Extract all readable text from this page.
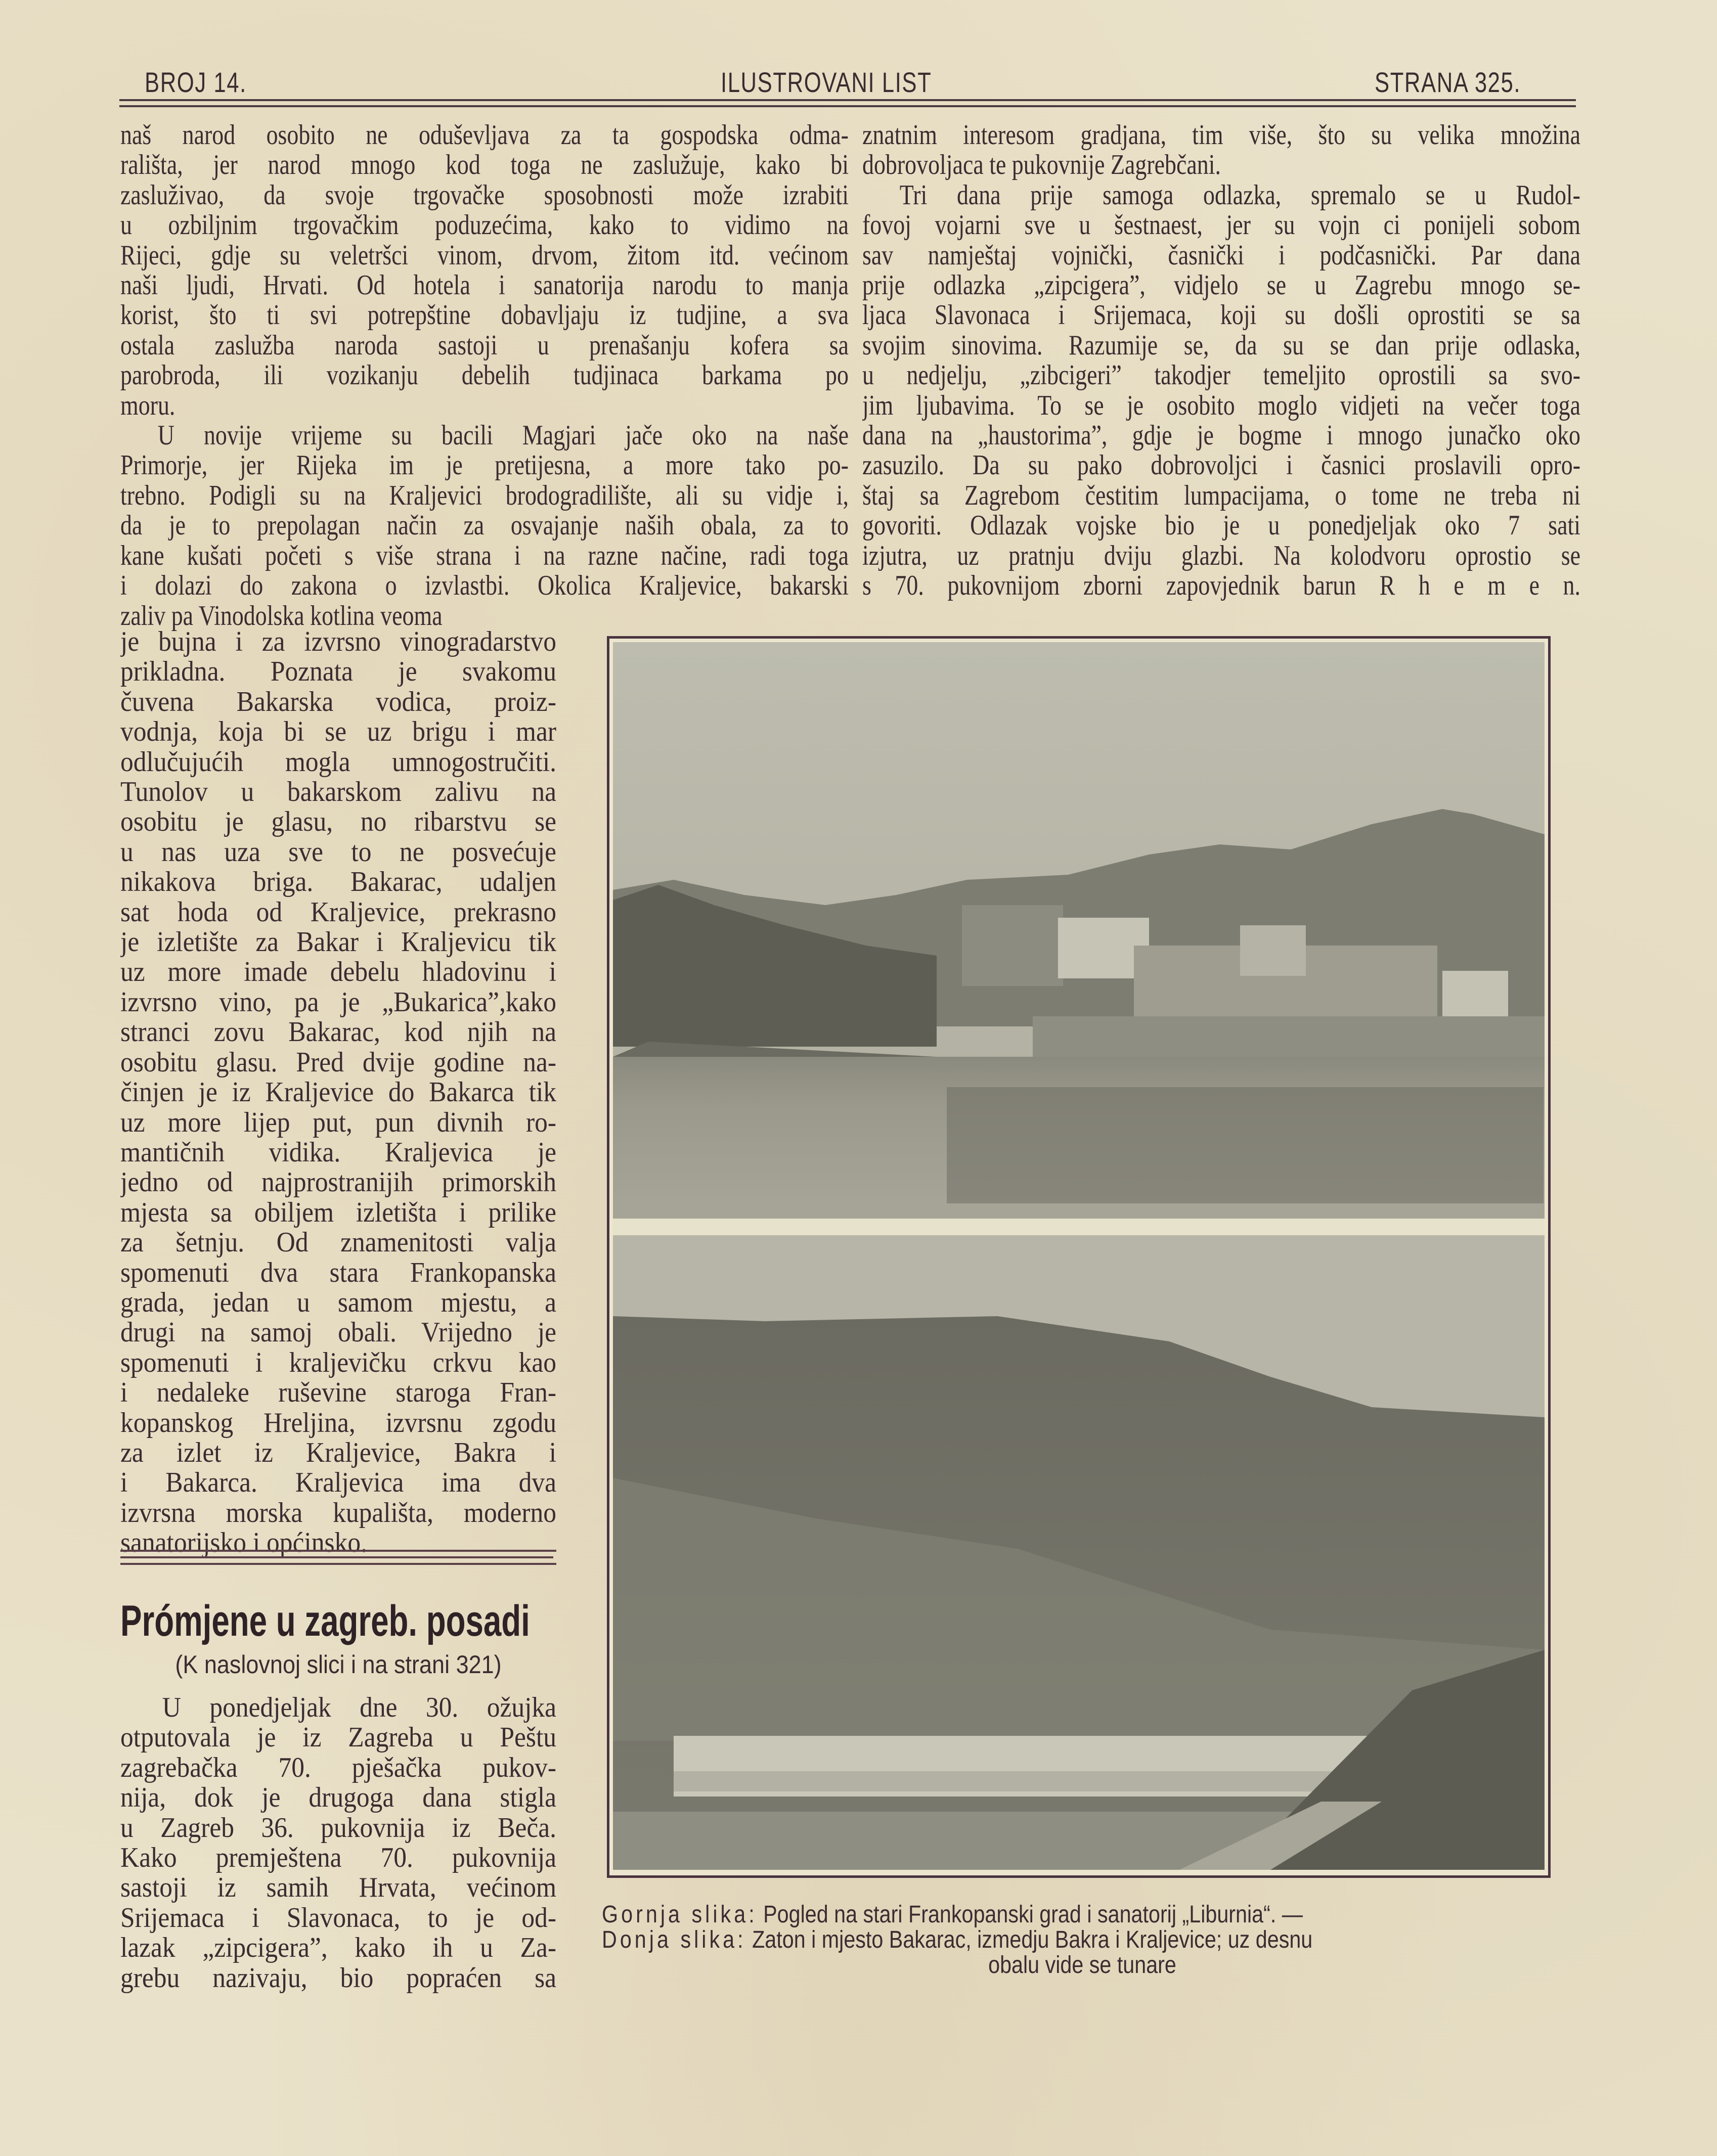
BROJ 14.	ILUSTROVANI LIST	STRANA 325.
naš narod osobito ne oduševljava za ta gospodska odma-
rališta, jer narod mnogo kod toga ne zaslužuje, kako bi
zasluživao, da svoje trgovačke sposobnosti može izrabiti
u ozbiljnim trgovačkim poduzećima, kako to vidimo na
Rijeci, gdje su veletršci vinom, drvom, žitom itd. većinom
naši ljudi, Hrvati. Od hotela i sanatorija narodu to manja
korist, što ti svi potrepštine dobavljaju iz tudjine, a sva
ostala zaslužba naroda sastoji u prenašanju kofera sa
parobroda, ili vozikanju debelih tudjinaca barkama po
moru.
U novije vrijeme su bacili Magjari jače oko na naše
Primorje, jer Rijeka im je pretijesna, a more tako po-
trebno. Podigli su na Kraljevici brodogradilište, ali su vidje i,
da je to prepolagan način za osvajanje naših obala, za to
kane kušati početi s više strana i na razne načine, radi toga
i dolazi do zakona o izvlastbi. Okolica Kraljevice, bakarski
zaliv pa Vinodolska kotlina veoma
je bujna i za izvrsno vinogradarstvo
prikladna. Poznata je svakomu
čuvena Bakarska vodica, proiz-
vodnja, koja bi se uz brigu i mar
odlučujućih mogla umnogostručiti.
Tunolov u bakarskom zalivu na
osobitu je glasu, no ribarstvu se
u nas uza sve to ne posvećuje
nikakova briga. Bakarac, udaljen
sat hoda od Kraljevice, prekrasno
je izletište za Bakar i Kraljevicu tik
uz more imade debelu hladovinu i
izvrsno vino, pa je „Bukarica”,kako
stranci zovu Bakarac, kod njih na
osobitu glasu. Pred dvije godine na-
činjen je iz Kraljevice do Bakarca tik
uz more lijep put, pun divnih ro-
mantičnih vidika. Kraljevica je
jedno od najprostranijih primorskih
mjesta sa obiljem izletišta i prilike
za šetnju. Od znamenitosti valja
spomenuti dva stara Frankopanska
grada, jedan u samom mjestu, a
drugi na samoj obali. Vrijedno je
spomenuti i kraljevičku crkvu kao
i nedaleke ruševine staroga Fran-
kopanskog Hreljina, izvrsnu zgodu
za izlet iz Kraljevice, Bakra i
i Bakarca. Kraljevica ima dva
izvrsna morska kupališta, moderno
sanatorijsko i općinsko.
Prómjene u zagreb. posadi
(K naslovnoj slici i na strani 321)
U ponedjeljak dne 30. ožujka
otputovala je iz Zagreba u Peštu
zagrebačka 70. pješačka pukov-
nija, dok je drugoga dana stigla
u Zagreb 36. pukovnija iz Beča.
Kako premještena 70. pukovnija
sastoji iz samih Hrvata, većinom
Srijemaca i Slavonaca, to je od-
lazak „zipcigera”, kako ih u Za-
grebu nazivaju, bio popraćen sa
znatnim interesom gradjana, tim više, što su velika množina
dobrovoljaca te pukovnije Zagrebčani.
Tri dana prije samoga odlazka, spremalo se u Rudol-
fovoj vojarni sve u šestnaest, jer su vojn ci ponijeli sobom
sav namještaj vojnički, časnički i podčasnički. Par dana
prije odlazka „zipcigera”, vidjelo se u Zagrebu mnogo se-
ljaca Slavonaca i Srijemaca, koji su došli oprostiti se sa
svojim sinovima. Razumije se, da su se dan prije odlaska,
u nedjelju, „zibcigeri” takodjer temeljito oprostili sa svo-
jim ljubavima. To se je osobito moglo vidjeti na večer toga
dana na „haustorima”, gdje je bogme i mnogo junačko oko
zasuzilo. Da su pako dobrovoljci i časnici proslavili opro-
štaj sa Zagrebom čestitim lumpacijama, o tome ne treba ni
govoriti. Odlazak vojske bio je u ponedjeljak oko 7 sati
izjutra, uz pratnju dviju glazbi. Na kolodvoru oprostio se
s 70. pukovnijom zborni zapovjednik barun R h e m e n.
Gornja slika: Pogled na stari Frankopanski grad i sanatorij „Liburnia“. —
Donja slika: Zaton i mjesto Bakarac, izmedju Bakra i Kraljevice; uz desnu
obalu vide se tunare
